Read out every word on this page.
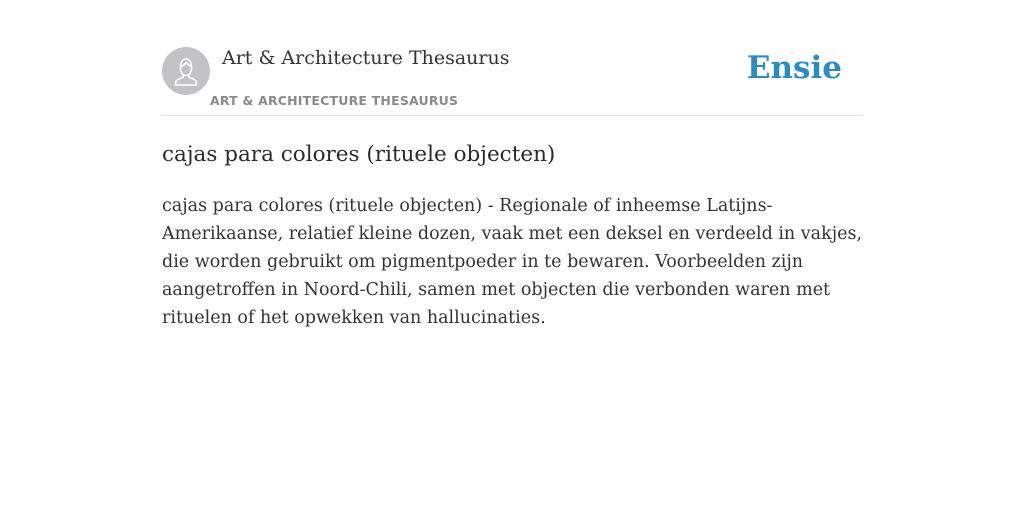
Art & Architecture Thesaurus
ART & ARCHITECTURE THESAURUS
Ensie
cajas para colores (rituele objecten)

cajas para colores (rituele objecten) - Regionale of inheemse Latijns-
Amerikaanse, relatief kleine dozen, vaak met een deksel en verdeeld in vakjes,
die worden gebruikt om pigmentpoeder in te bewaren. Voorbeelden zijn
aangetroffen in Noord-Chili, samen met objecten die verbonden waren met
rituelen of het opwekken van hallucinaties.
